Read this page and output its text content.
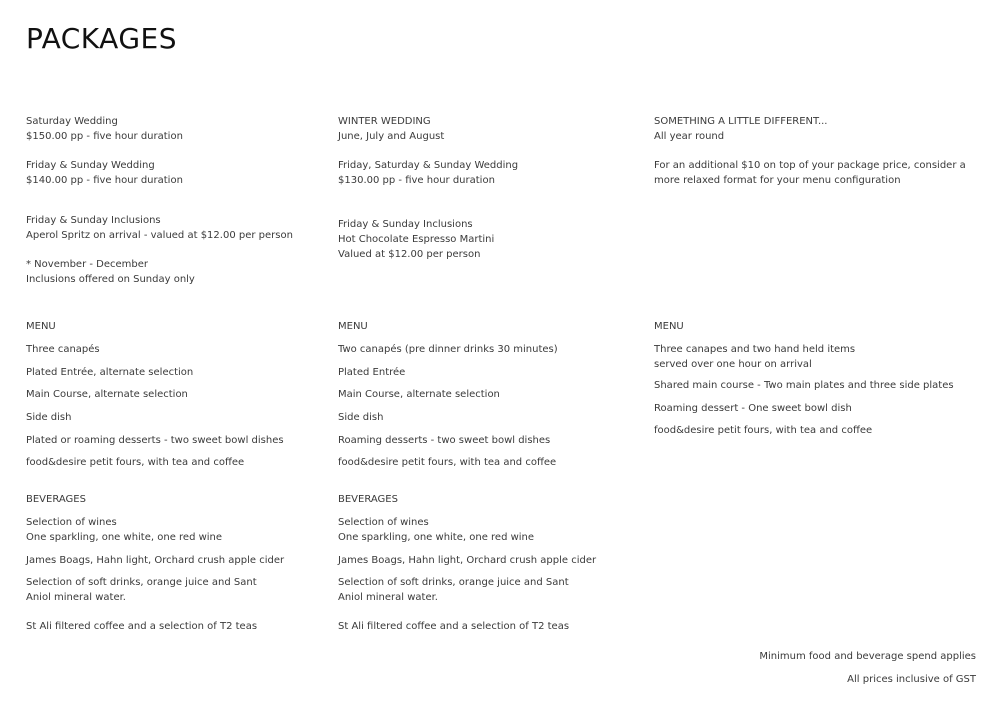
PACKAGES

Saturday Wedding

$150.00 pp - five hour duration

Friday & Sunday Wedding

$140.00 pp - five hour duration

Friday & Sunday Inclusions

Aperol Spritz on arrival - valued at $12.00 per person

* November - December

Inclusions offered on Sunday only

MENU

Three canapés

Plated Entrée, alternate selection

Main Course, alternate selection

Side dish

Plated or roaming desserts - two sweet bowl dishes

food&desire petit fours, with tea and coffee

BEVERAGES

Selection of wines

One sparkling, one white, one red wine

James Boags, Hahn light, Orchard crush apple cider

Selection of soft drinks, orange juice and Sant Aniol mineral water.

St Ali filtered coffee and a selection of T2 teas

WINTER WEDDING

June, July and August

Friday, Saturday & Sunday Wedding

$130.00 pp - five hour duration

Friday & Sunday Inclusions

Hot Chocolate Espresso Martini

Valued at $12.00 per person

MENU

Two canapés (pre dinner drinks 30 minutes)

Plated Entrée

Main Course, alternate selection

Side dish

Roaming desserts - two sweet bowl dishes

food&desire petit fours, with tea and coffee

BEVERAGES

Selection of wines

One sparkling, one white, one red wine

James Boags, Hahn light, Orchard crush apple cider

Selection of soft drinks, orange juice and Sant Aniol mineral water.

St Ali filtered coffee and a selection of T2 teas

SOMETHING A LITTLE DIFFERENT...

All year round

For an additional $10 on top of your package price, consider a more relaxed format for your menu configuration

MENU

Three canapes and two hand held items served over one hour on arrival

Shared main course - Two main plates and three side plates

Roaming dessert - One sweet bowl dish

food&desire petit fours, with tea and coffee

Minimum food and beverage spend applies

All prices inclusive of GST
